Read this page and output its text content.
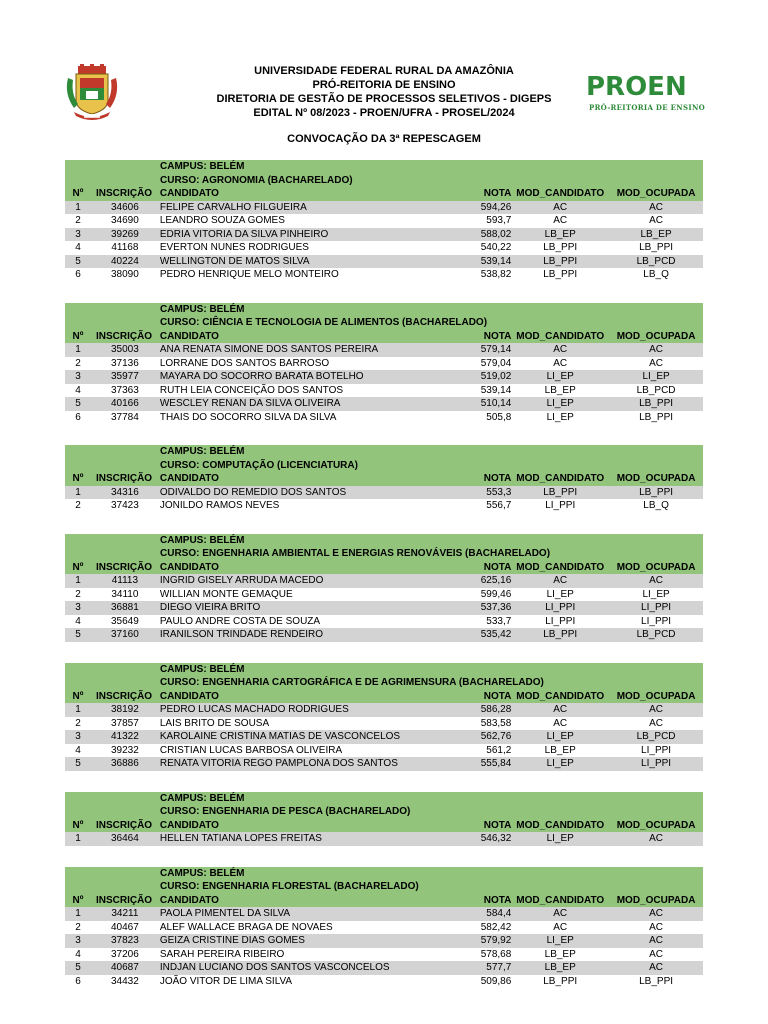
UNIVERSIDADE FEDERAL RURAL DA AMAZÔNIA
PRÓ-REITORIA DE ENSINO
DIRETORIA DE GESTÃO DE PROCESSOS SELETIVOS - DIGEPS
EDITAL Nº 08/2023 - PROEN/UFRA - PROSEL/2024
PROEN
PRÓ-REITORIA DE ENSINO
CONVOCAÇÃO DA 3ª REPESCAGEM
CAMPUS: BELÉM
CURSO: AGRONOMIA (BACHARELADO)
Nº	INSCRIÇÃO CANDIDATO	NOTA MOD_CANDIDATO	MOD_OCUPADA
1	34606	FELIPE CARVALHO FILGUEIRA	594,26	AC	AC
2	34690	LEANDRO SOUZA GOMES	593,7	AC	AC
3	39269	EDRIA VITORIA DA SILVA PINHEIRO	588,02	LB_EP	LB_EP
4	41168	EVERTON NUNES RODRIGUES	540,22	LB_PPI	LB_PPI
5	40224	WELLINGTON DE MATOS SILVA	539,14	LB_PPI	LB_PCD
6	38090	PEDRO HENRIQUE MELO MONTEIRO	538,82	LB_PPI	LB_Q
CAMPUS: BELÉM
CURSO: CIÊNCIA E TECNOLOGIA DE ALIMENTOS (BACHARELADO)
Nº	INSCRIÇÃO CANDIDATO	NOTA MOD_CANDIDATO	MOD_OCUPADA
1	35003	ANA RENATA SIMONE DOS SANTOS PEREIRA	579,14	AC	AC
2	37136	LORRANE DOS SANTOS BARROSO	579,04	AC	AC
3	35977	MAYARA DO SOCORRO BARATA BOTELHO	519,02	LI_EP	LI_EP
4	37363	RUTH LEIA CONCEIÇÃO DOS SANTOS	539,14	LB_EP	LB_PCD
5	40166	WESCLEY RENAN DA SILVA OLIVEIRA	510,14	LI_EP	LB_PPI
6	37784	THAIS DO SOCORRO SILVA DA SILVA	505,8	LI_EP	LB_PPI
CAMPUS: BELÉM
CURSO: COMPUTAÇÃO (LICENCIATURA)
Nº	INSCRIÇÃO CANDIDATO	NOTA MOD_CANDIDATO	MOD_OCUPADA
1	34316	ODIVALDO DO REMEDIO DOS SANTOS	553,3	LB_PPI	LB_PPI
2	37423	JONILDO RAMOS NEVES	556,7	LI_PPI	LB_Q
CAMPUS: BELÉM
CURSO: ENGENHARIA AMBIENTAL E ENERGIAS RENOVÁVEIS (BACHARELADO)
Nº	INSCRIÇÃO CANDIDATO	NOTA MOD_CANDIDATO	MOD_OCUPADA
1	41113	INGRID GISELY ARRUDA MACEDO	625,16	AC	AC
2	34110	WILLIAN MONTE GEMAQUE	599,46	LI_EP	LI_EP
3	36881	DIEGO VIEIRA BRITO	537,36	LI_PPI	LI_PPI
4	35649	PAULO ANDRE COSTA DE SOUZA	533,7	LI_PPI	LI_PPI
5	37160	IRANILSON TRINDADE RENDEIRO	535,42	LB_PPI	LB_PCD
CAMPUS: BELÉM
CURSO: ENGENHARIA CARTOGRÁFICA E DE AGRIMENSURA (BACHARELADO)
Nº	INSCRIÇÃO CANDIDATO	NOTA MOD_CANDIDATO	MOD_OCUPADA
1	38192	PEDRO LUCAS MACHADO RODRIGUES	586,28	AC	AC
2	37857	LAIS BRITO DE SOUSA	583,58	AC	AC
3	41322	KAROLAINE CRISTINA MATIAS DE VASCONCELOS	562,76	LI_EP	LB_PCD
4	39232	CRISTIAN LUCAS BARBOSA OLIVEIRA	561,2	LB_EP	LI_PPI
5	36886	RENATA VITORIA REGO PAMPLONA DOS SANTOS	555,84	LI_EP	LI_PPI
CAMPUS: BELÉM
CURSO: ENGENHARIA DE PESCA (BACHARELADO)
Nº	INSCRIÇÃO CANDIDATO	NOTA MOD_CANDIDATO	MOD_OCUPADA
1	36464	HELLEN TATIANA LOPES FREITAS	546,32	LI_EP	AC
CAMPUS: BELÉM
CURSO: ENGENHARIA FLORESTAL (BACHARELADO)
Nº	INSCRIÇÃO CANDIDATO	NOTA MOD_CANDIDATO	MOD_OCUPADA
1	34211	PAOLA PIMENTEL DA SILVA	584,4	AC	AC
2	40467	ALEF WALLACE BRAGA DE NOVAES	582,42	AC	AC
3	37823	GEIZA CRISTINE DIAS GOMES	579,92	LI_EP	AC
4	37206	SARAH PEREIRA RIBEIRO	578,68	LB_EP	AC
5	40687	INDJAN LUCIANO DOS SANTOS VASCONCELOS	577,7	LB_EP	AC
6	34432	JOÃO VITOR DE LIMA SILVA	509,86	LB_PPI	LB_PPI
